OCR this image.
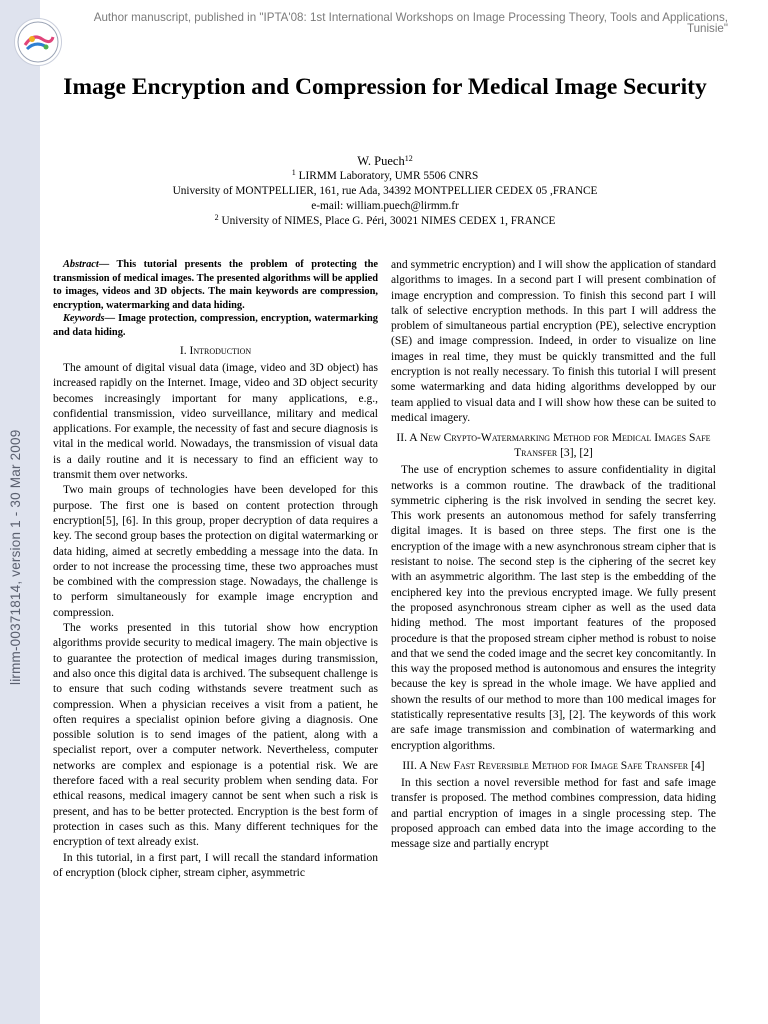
lirmm-00371814, version 1 - 30 Mar 2009
Author manuscript, published in "IPTA'08: 1st International Workshops on Image Processing Theory, Tools and Applications,
Tunisie"
Image Encryption and Compression for Medical Image Security
W. Puech$^{12}$
$^1$ LIRMM Laboratory, UMR 5506 CNRS
University of MONTPELLIER, 161, rue Ada, 34392 MONTPELLIER CEDEX 05 ,FRANCE
e-mail: william.puech@lirmm.fr
$^2$ University of NIMES, Place G. Péri, 30021 NIMES CEDEX 1, FRANCE

Abstract— This tutorial presents the problem of protecting the transmission of medical images. The presented algorithms will be applied to images, videos and 3D objects. The main keywords are compression, encryption, watermarking and data hiding.

Keywords— Image protection, compression, encryption, watermarking and data hiding.

I. Introduction

The amount of digital visual data (image, video and 3D object) has increased rapidly on the Internet. Image, video and 3D object security becomes increasingly important for many applications, e.g., confidential transmission, video surveillance, military and medical applications. For example, the necessity of fast and secure diagnosis is vital in the medical world. Nowadays, the transmission of visual data is a daily routine and it is necessary to find an efficient way to transmit them over networks.

Two main groups of technologies have been developed for this purpose. The first one is based on content protection through encryption[5], [6]. In this group, proper decryption of data requires a key. The second group bases the protection on digital watermarking or data hiding, aimed at secretly embedding a message into the data. In order to not increase the processing time, these two approaches must be combined with the compression stage. Nowadays, the challenge is to perform simultaneously for example image encryption and compression.

The works presented in this tutorial show how encryption algorithms provide security to medical imagery. The main objective is to guarantee the protection of medical images during transmission, and also once this digital data is archived. The subsequent challenge is to ensure that such coding withstands severe treatment such as compression. When a physician receives a visit from a patient, he often requires a specialist opinion before giving a diagnosis. One possible solution is to send images of the patient, along with a specialist report, over a computer network. Nevertheless, computer networks are complex and espionage is a potential risk. We are therefore faced with a real security problem when sending data. For ethical reasons, medical imagery cannot be sent when such a risk is present, and has to be better protected. Encryption is the best form of protection in cases such as this. Many different techniques for the encryption of text already exist.

In this tutorial, in a first part, I will recall the standard information of encryption (block cipher, stream cipher, asymmetric

and symmetric encryption) and I will show the application of standard algorithms to images. In a second part I will present combination of image encryption and compression. To finish this second part I will talk of selective encryption methods. In this part I will address the problem of simultaneous partial encryption (PE), selective encryption (SE) and image compression. Indeed, in order to visualize on line images in real time, they must be quickly transmitted and the full encryption is not really necessary. To finish this tutorial I will present some watermarking and data hiding algorithms developped by our team applied to visual data and I will show how these can be suited to medical imagery.

II. A New Crypto-Watermarking Method for Medical Images Safe Transfer [3], [2]

The use of encryption schemes to assure confidentiality in digital networks is a common routine. The drawback of the traditional symmetric ciphering is the risk involved in sending the secret key. This work presents an autonomous method for safely transferring digital images. It is based on three steps. The first one is the encryption of the image with a new asynchronous stream cipher that is resistant to noise. The second step is the ciphering of the secret key with an asymmetric algorithm. The last step is the embedding of the enciphered key into the previous encrypted image. We fully present the proposed asynchronous stream cipher as well as the used data hiding method. The most important features of the proposed procedure is that the proposed stream cipher method is robust to noise and that we send the coded image and the secret key concomitantly. In this way the proposed method is autonomous and ensures the integrity because the key is spread in the whole image. We have applied and shown the results of our method to more than 100 medical images for statistically representative results [3], [2]. The keywords of this work are safe image transmission and combination of watermarking and encryption algorithms.

III. A New Fast Reversible Method for Image Safe Transfer [4]

In this section a novel reversible method for fast and safe image transfer is proposed. The method combines compression, data hiding and partial encryption of images in a single processing step. The proposed approach can embed data into the image according to the message size and partially encrypt
